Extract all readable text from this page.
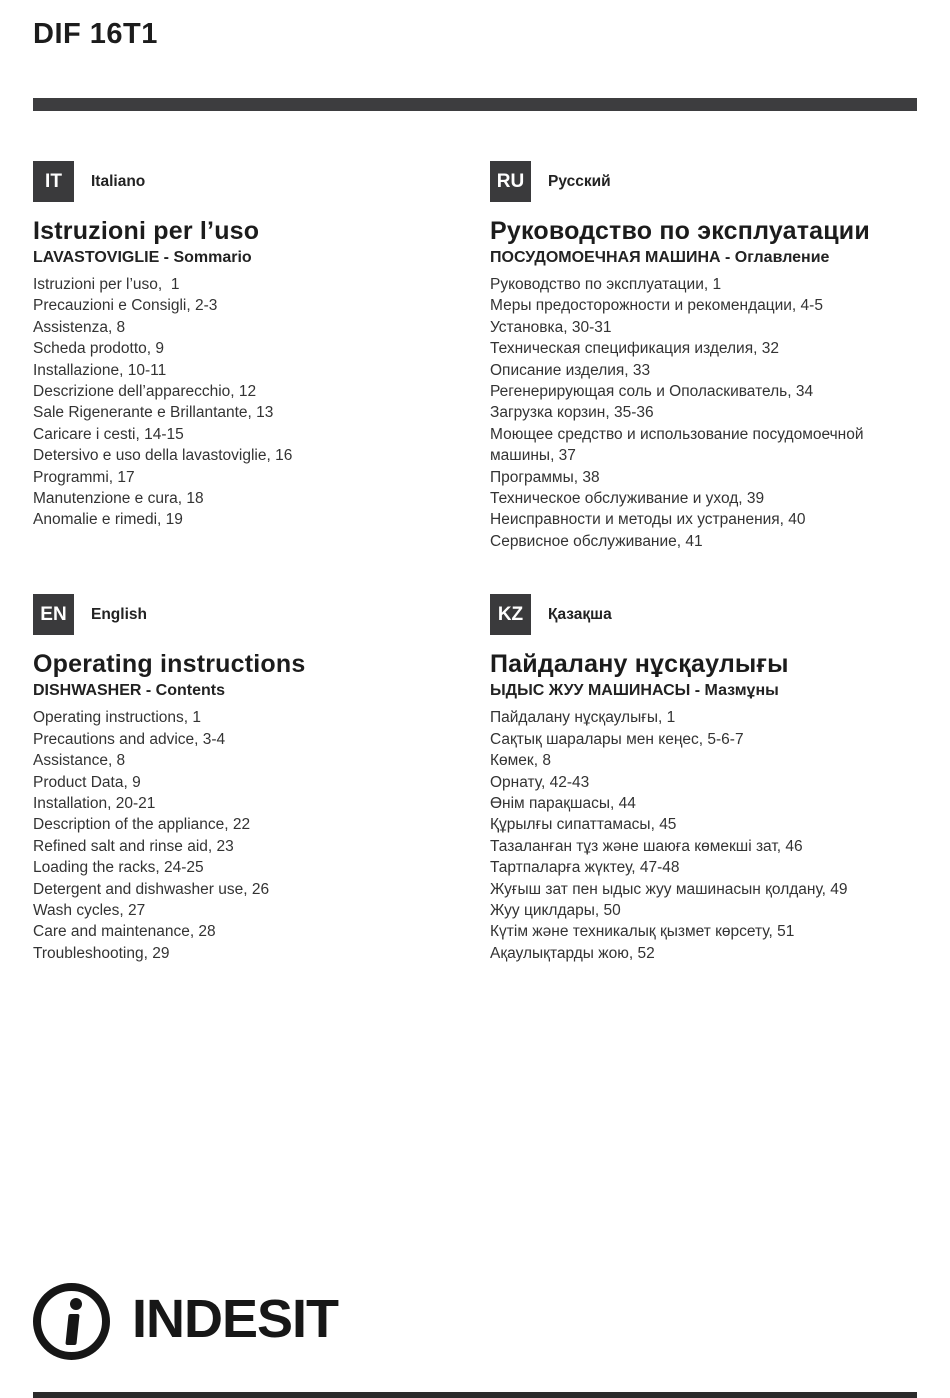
DIF 16T1
IT	Italiano
Istruzioni per l’uso
LAVASTOVIGLIE - Sommario
Istruzioni per l’uso,  1
Precauzioni e Consigli, 2-3
Assistenza, 8
Scheda prodotto, 9
Installazione, 10-11
Descrizione dell’apparecchio, 12
Sale Rigenerante e Brillantante, 13
Caricare i cesti, 14-15
Detersivo e uso della lavastoviglie, 16
Programmi, 17
Manutenzione e cura, 18
Anomalie e rimedi, 19
RU	Русский
Руководство по эксплуатации
ПОСУДОМОЕЧНАЯ МАШИНА - Оглавление
Руководство по эксплуатации, 1
Меры предосторожности и рекомендации, 4-5
Установка, 30-31
Техническая спецификация изделия, 32
Описание изделия, 33
Регенерирующая соль и Ополаскиватель, 34
Загрузка корзин, 35-36
Моющее средство и использование посудомоечной машины, 37
Программы, 38
Техническое обслуживание и уход, 39
Неисправности и методы их устранения, 40
Сервисное обслуживание, 41
EN	English
Operating instructions
DISHWASHER - Contents
Operating instructions, 1
Precautions and advice, 3-4
Assistance, 8
Product Data, 9
Installation, 20-21
Description of the appliance, 22
Refined salt and rinse aid, 23
Loading the racks, 24-25
Detergent and dishwasher use, 26
Wash cycles, 27
Care and maintenance, 28
Troubleshooting, 29
KZ	Қазақша
Пайдалану нұсқаулығы
ЫДЫС ЖУУ МАШИНАСЫ - Мазмұны
Пайдалану нұсқаулығы, 1
Сақтық шаралары мен кеңес, 5-6-7
Көмек, 8
Орнату, 42-43
Өнім парақшасы, 44
Құрылғы сипаттамасы, 45
Тазаланған тұз және шаюға көмекші зат, 46
Тартпаларға жүктеу, 47-48
Жуғыш зат пен ыдыс жуу машинасын қолдану, 49
Жуу циклдары, 50
Күтім және техникалық қызмет көрсету, 51
Ақаулықтарды жою, 52
INDESIT
